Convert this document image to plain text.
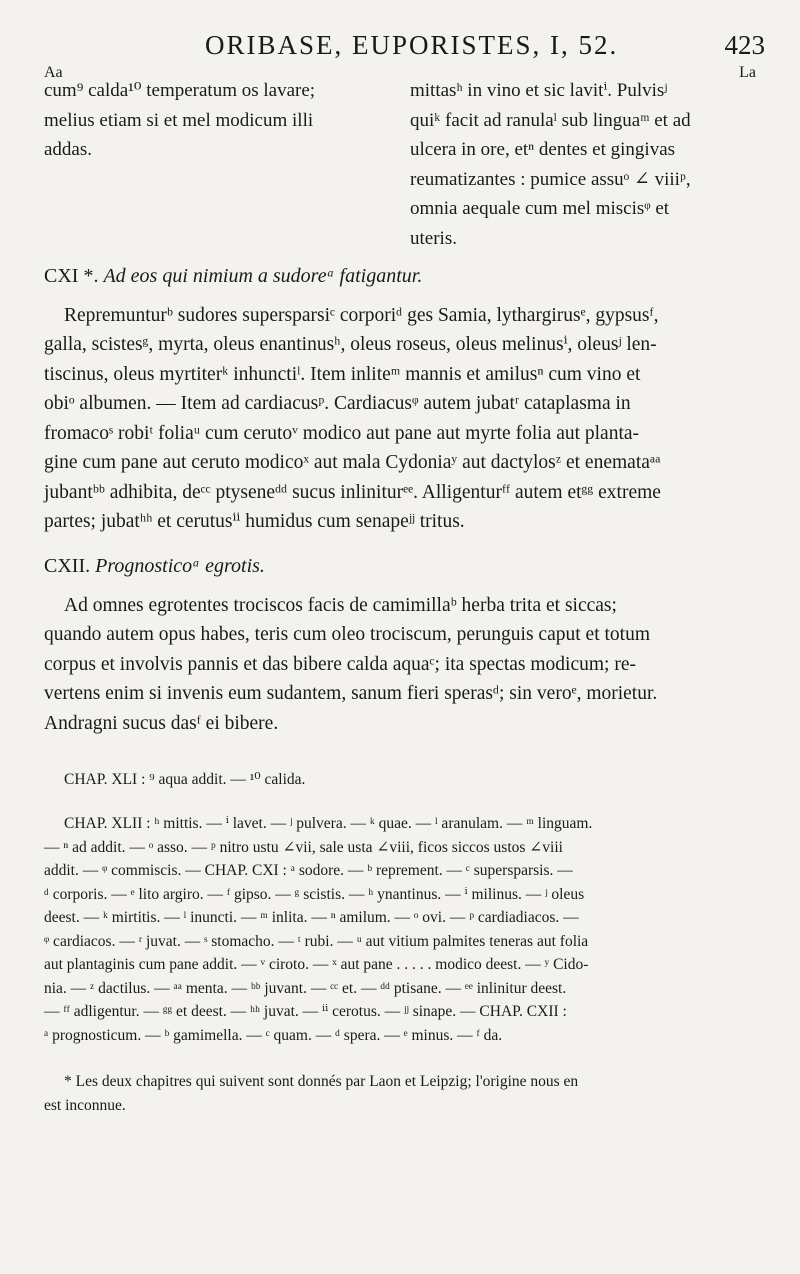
ORIBASE, EUPORISTES, I, 52.	423
Aa	La

cum⁹ calda¹⁰ temperatum os lavare;

melius etiam si et mel modicum illi

addas.

mittasʰ in vino et sic lavitⁱ. Pulvisʲ

quiᵏ facit ad ranulaˡ sub linguaᵐ et ad

ulcera in ore, etⁿ dentes et gingivas

reumatizantes : pumice assuᵒ ∠ viiiᵖ,

omnia aequale cum mel miscisᵠ et

uteris.

CXI *. Ad eos qui nimium a sudoreᵃ fatigantur.

Repremunturᵇ sudores supersparsiᶜ corporiᵈ ges Samia, lythargirusᵉ, gypsusᶠ,

galla, scistesᵍ, myrta, oleus enantinusʰ, oleus roseus, oleus melinusⁱ, oleusʲ len-

tiscinus, oleus myrtiterᵏ inhunctiˡ. Item inliteᵐ mannis et amilusⁿ cum vino et

obiᵒ albumen. — Item ad cardiacusᵖ. Cardiacusᵠ autem jubatʳ cataplasma in

fromacoˢ robiᵗ foliaᵘ cum cerutoᵛ modico aut pane aut myrte folia aut planta-

gine cum pane aut ceruto modicoˣ aut mala Cydoniaʸ aut dactylosᶻ et enemataᵃᵃ

jubantᵇᵇ adhibita, deᶜᶜ ptyseneᵈᵈ sucus inliniturᵉᵉ. Alligenturᶠᶠ autem etᵍᵍ extreme

partes; jubatʰʰ et cerutusⁱⁱ humidus cum senapeʲʲ tritus.

CXII. Prognosticoᵃ egrotis.

Ad omnes egrotentes trociscos facis de camimillaᵇ herba trita et siccas;

quando autem opus habes, teris cum oleo trociscum, perunguis caput et totum

corpus et involvis pannis et das bibere calda aquaᶜ; ita spectas modicum; re-

vertens enim si invenis eum sudantem, sanum fieri sperasᵈ; sin veroᵉ, morietur.

Andragni sucus dasᶠ ei bibere.

CHAP. XLI : ⁹ aqua addit. — ¹⁰ calida.

CHAP. XLII : ʰ mittis. — ⁱ lavet. — ʲ pulvera. — ᵏ quae. — ˡ aranulam. — ᵐ linguam.

— ⁿ ad addit. — ᵒ asso. — ᵖ nitro ustu ∠vii, sale usta ∠viii, ficos siccos ustos ∠viii

addit. — ᵠ commiscis. — CHAP. CXI : ᵃ sodore. — ᵇ reprement. — ᶜ supersparsis. —

ᵈ corporis. — ᵉ lito argiro. — ᶠ gipso. — ᵍ scistis. — ʰ ynantinus. — ⁱ milinus. — ʲ oleus

deest. — ᵏ mirtitis. — ˡ inuncti. — ᵐ inlita. — ⁿ amilum. — ᵒ ovi. — ᵖ cardiadiacos. —

ᵠ cardiacos. — ʳ juvat. — ˢ stomacho. — ᵗ rubi. — ᵘ aut vitium palmites teneras aut folia

aut plantaginis cum pane addit. — ᵛ ciroto. — ˣ aut pane . . . . . modico deest. — ʸ Cido-

nia. — ᶻ dactilus. — ᵃᵃ menta. — ᵇᵇ juvant. — ᶜᶜ et. — ᵈᵈ ptisane. — ᵉᵉ inlinitur deest.

— ᶠᶠ adligentur. — ᵍᵍ et deest. — ʰʰ juvat. — ⁱⁱ cerotus. — ʲʲ sinape. — CHAP. CXII :

ᵃ prognosticum. — ᵇ gamimella. — ᶜ quam. — ᵈ spera. — ᵉ minus. — ᶠ da.

* Les deux chapitres qui suivent sont donnés par Laon et Leipzig; l'origine nous en

est inconnue.
